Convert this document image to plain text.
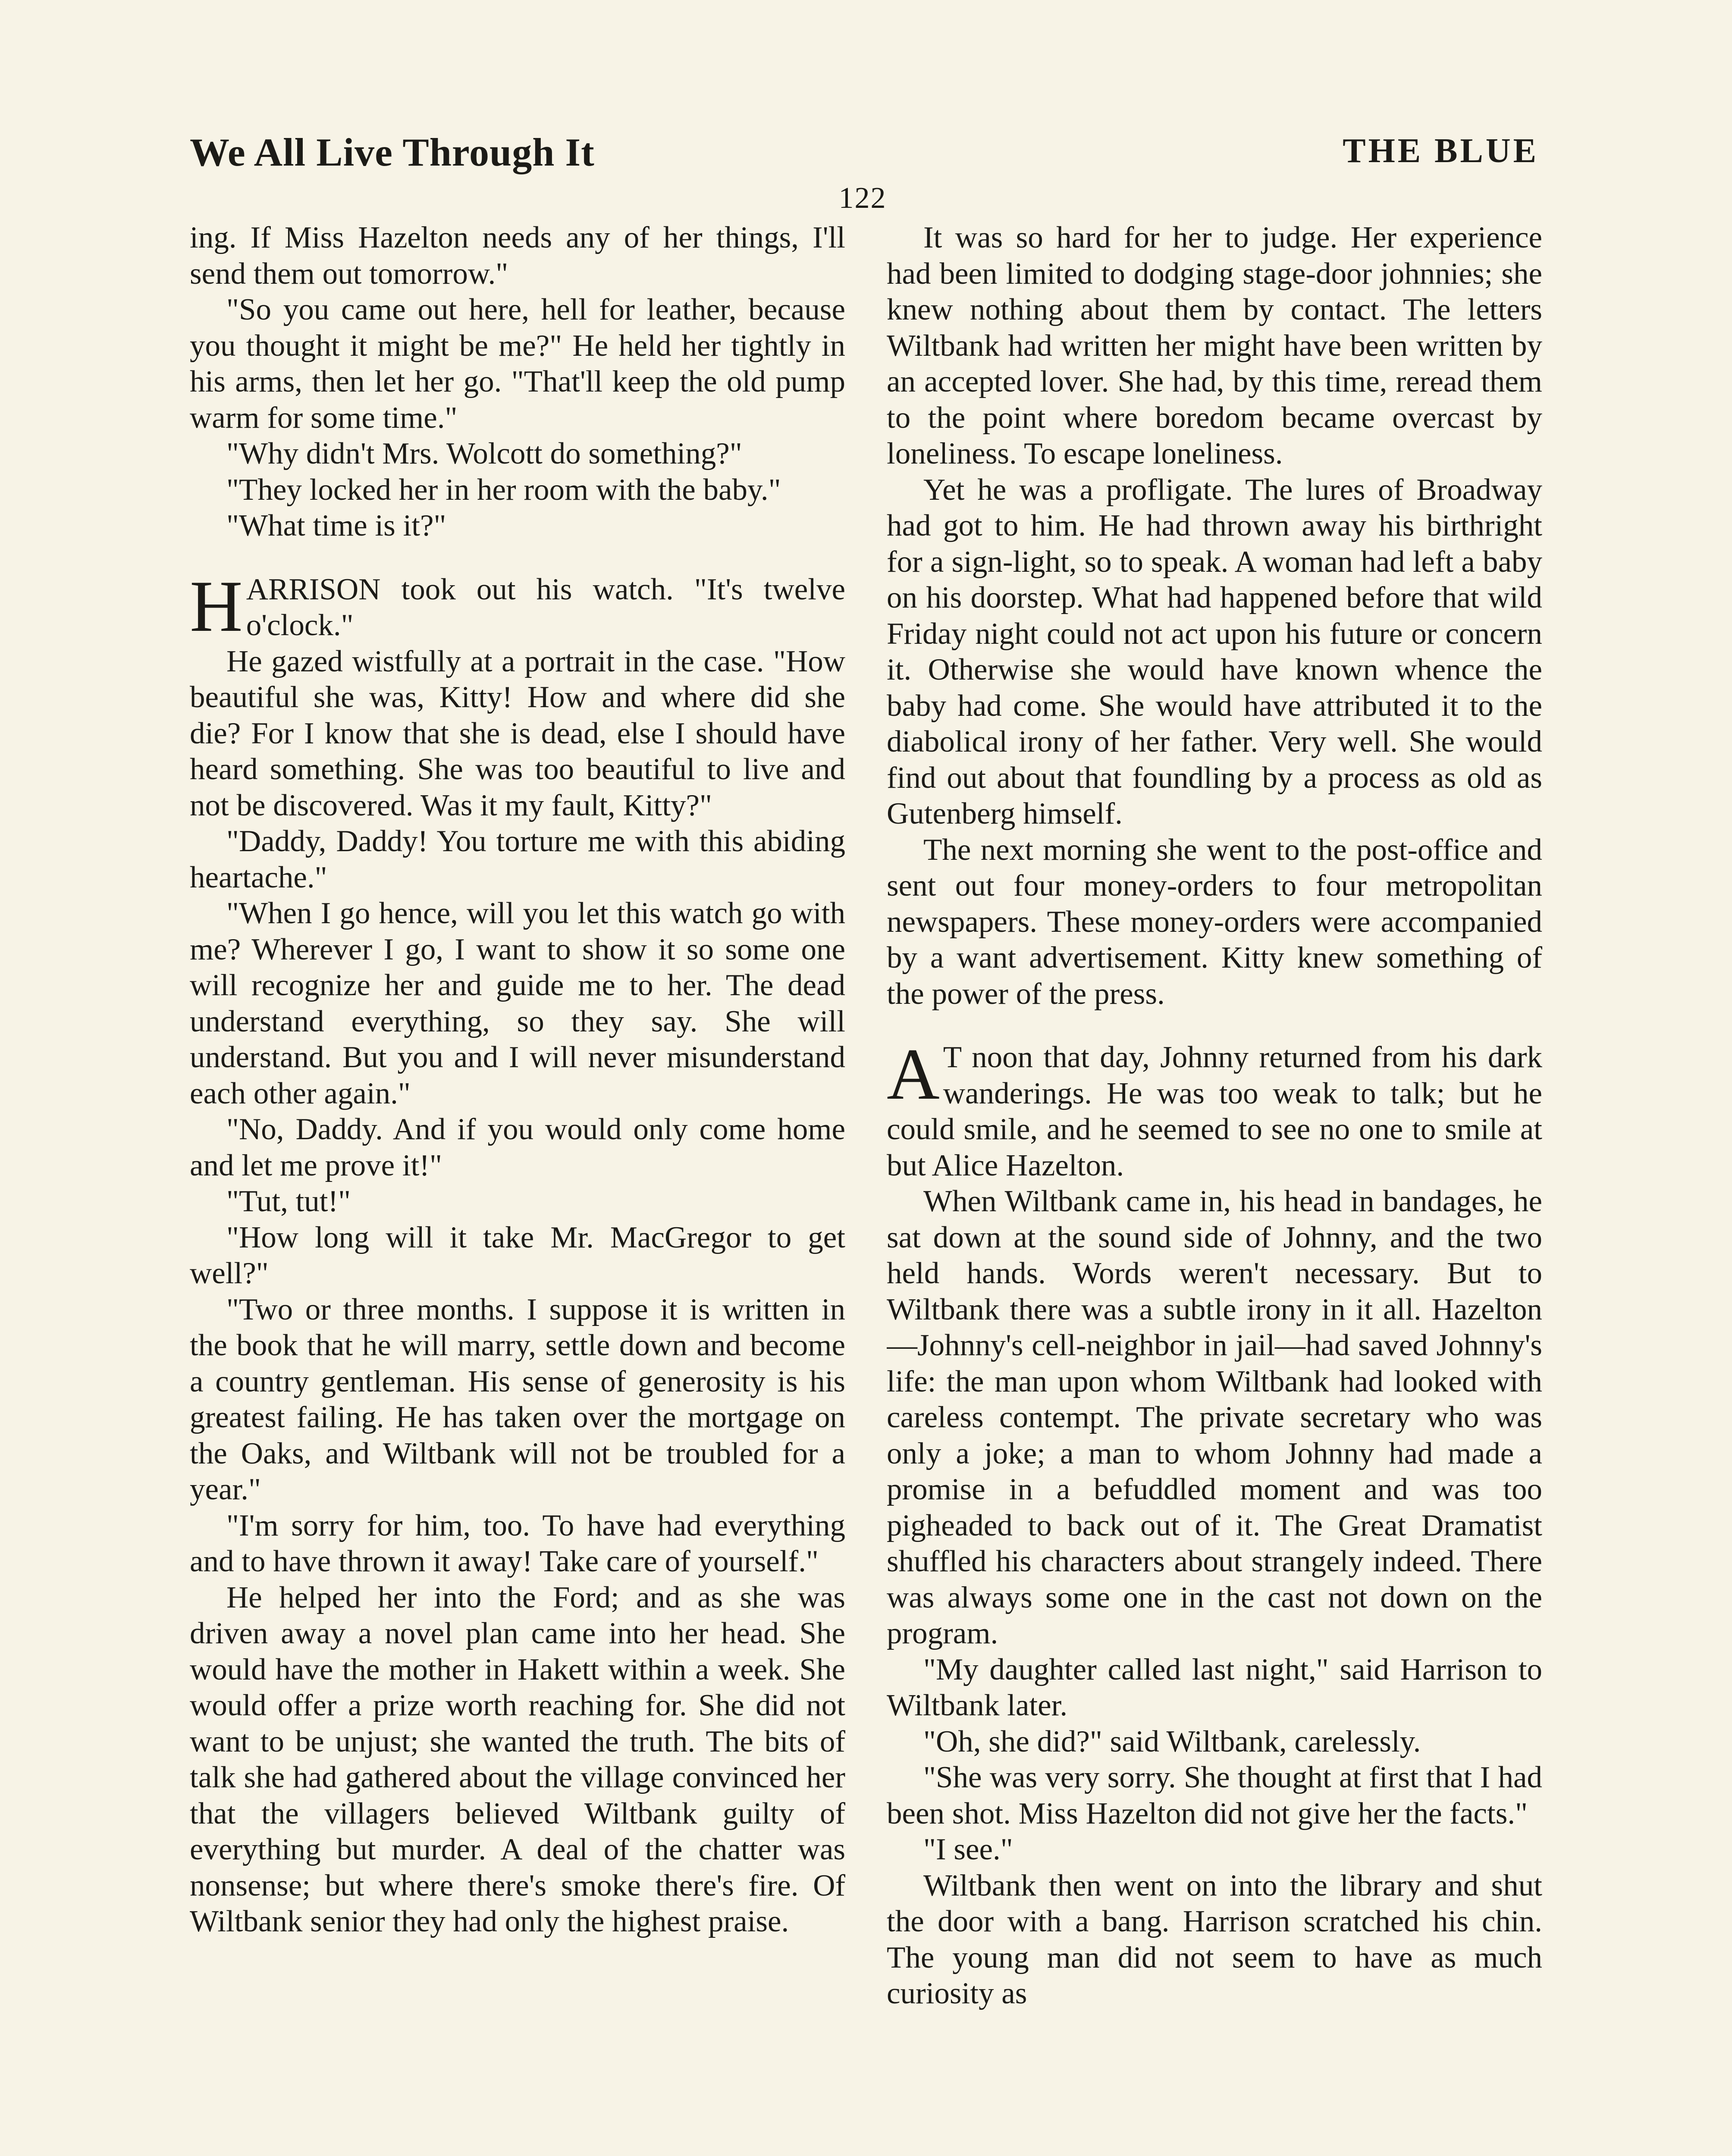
We All Live Through It	THE BLUE
122

ing. If Miss Hazelton needs any of her things, I'll send them out tomorrow."

"So you came out here, hell for leather, because you thought it might be me?" He held her tightly in his arms, then let her go. "That'll keep the old pump warm for some time."

"Why didn't Mrs. Wolcott do something?"

"They locked her in her room with the baby."

"What time is it?"

HARRISON took out his watch. "It's twelve o'clock."

He gazed wistfully at a portrait in the case. "How beautiful she was, Kitty! How and where did she die? For I know that she is dead, else I should have heard something. She was too beautiful to live and not be discovered. Was it my fault, Kitty?"

"Daddy, Daddy! You torture me with this abiding heartache."

"When I go hence, will you let this watch go with me? Wherever I go, I want to show it so some one will recognize her and guide me to her. The dead understand everything, so they say. She will understand. But you and I will never misunderstand each other again."

"No, Daddy. And if you would only come home and let me prove it!"

"Tut, tut!"

"How long will it take Mr. MacGregor to get well?"

"Two or three months. I suppose it is written in the book that he will marry, settle down and become a country gentleman. His sense of generosity is his greatest failing. He has taken over the mortgage on the Oaks, and Wiltbank will not be troubled for a year."

"I'm sorry for him, too. To have had everything and to have thrown it away! Take care of yourself."

He helped her into the Ford; and as she was driven away a novel plan came into her head. She would have the mother in Hakett within a week. She would offer a prize worth reaching for. She did not want to be unjust; she wanted the truth. The bits of talk she had gathered about the village convinced her that the villagers believed Wiltbank guilty of everything but murder. A deal of the chatter was nonsense; but where there's smoke there's fire. Of Wiltbank senior they had only the highest praise.

It was so hard for her to judge. Her experience had been limited to dodging stage-door johnnies; she knew nothing about them by contact. The letters Wiltbank had written her might have been written by an accepted lover. She had, by this time, reread them to the point where boredom became overcast by loneliness. To escape loneliness.

Yet he was a profligate. The lures of Broadway had got to him. He had thrown away his birthright for a sign-light, so to speak. A woman had left a baby on his doorstep. What had happened before that wild Friday night could not act upon his future or concern it. Otherwise she would have known whence the baby had come. She would have attributed it to the diabolical irony of her father. Very well. She would find out about that foundling by a process as old as Gutenberg himself.

The next morning she went to the post-office and sent out four money-orders to four metropolitan newspapers. These money-orders were accompanied by a want advertisement. Kitty knew something of the power of the press.

A T noon that day, Johnny returned from his dark wanderings. He was too weak to talk; but he could smile, and he seemed to see no one to smile at but Alice Hazelton.

When Wiltbank came in, his head in bandages, he sat down at the sound side of Johnny, and the two held hands. Words weren't necessary. But to Wiltbank there was a subtle irony in it all. Hazelton—Johnny's cell-neighbor in jail—had saved Johnny's life: the man upon whom Wiltbank had looked with careless contempt. The private secretary who was only a joke; a man to whom Johnny had made a promise in a befuddled moment and was too pigheaded to back out of it. The Great Dramatist shuffled his characters about strangely indeed. There was always some one in the cast not down on the program.

"My daughter called last night," said Harrison to Wiltbank later.

"Oh, she did?" said Wiltbank, carelessly.

"She was very sorry. She thought at first that I had been shot. Miss Hazelton did not give her the facts."

"I see."

Wiltbank then went on into the library and shut the door with a bang. Harrison scratched his chin. The young man did not seem to have as much curiosity as
